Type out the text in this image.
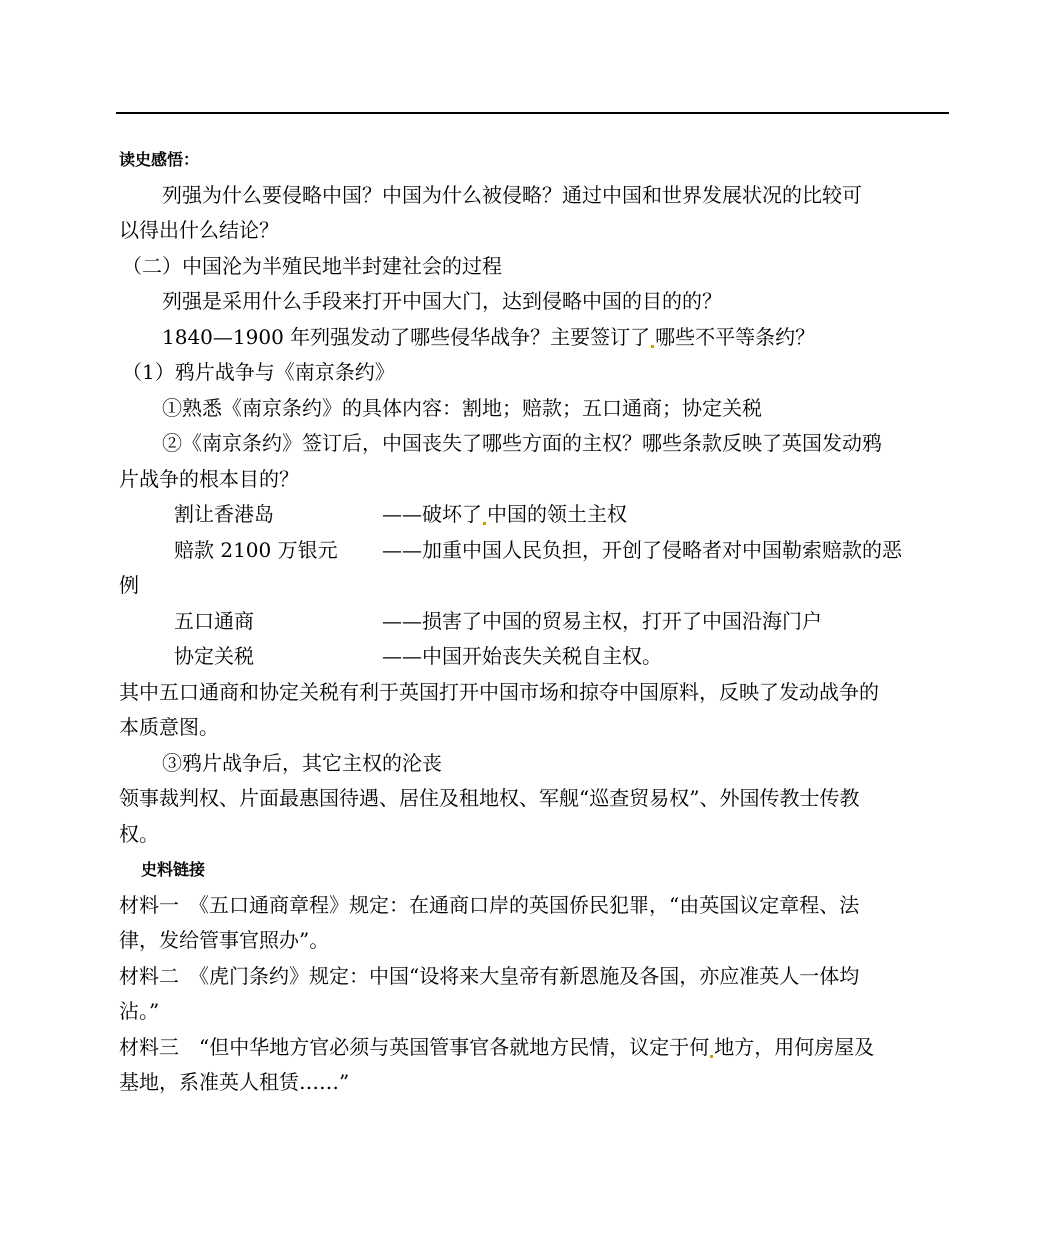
读史感悟：
列强为什么要侵略中国？中国为什么被侵略？通过中国和世界发展状况的比较可
以得出什么结论？
（二）中国沦为半殖民地半封建社会的过程
列强是采用什么手段来打开中国大门，达到侵略中国的目的的？
1840—1900 年列强发动了哪些侵华战争？主要签订了 哪些不平等条约？
（1）鸦片战争与《南京条约》
①熟悉《南京条约》的具体内容：割地；赔款；五口通商；协定关税
②《南京条约》签订后，中国丧失了哪些方面的主权？哪些条款反映了英国发动鸦
片战争的根本目的？
割让香港岛	——破坏了 中国的领土主权
赔款 2100 万银元	——加重中国人民负担，开创了侵略者对中国勒索赔款的恶
例
五口通商	——损害了中国的贸易主权，打开了中国沿海门户
协定关税	——中国开始丧失关税自主权。
其中五口通商和协定关税有利于英国打开中国市场和掠夺中国原料，反映了发动战争的
本质意图。
③鸦片战争后，其它主权的沦丧
领事裁判权、片面最惠国待遇、居住及租地权、军舰“巡查贸易权”、外国传教士传教
权。
史料链接
材料一　《五口通商章程》规定：在通商口岸的英国侨民犯罪，“由英国议定章程、法
律，发给管事官照办”。
材料二　《虎门条约》规定：中国“设将来大皇帝有新恩施及各国，亦应准英人一体均
沾。”
材料三　“但中华地方官必须与英国管事官各就地方民情，议定于何 地方，用何房屋及
基地，系准英人租赁……”
